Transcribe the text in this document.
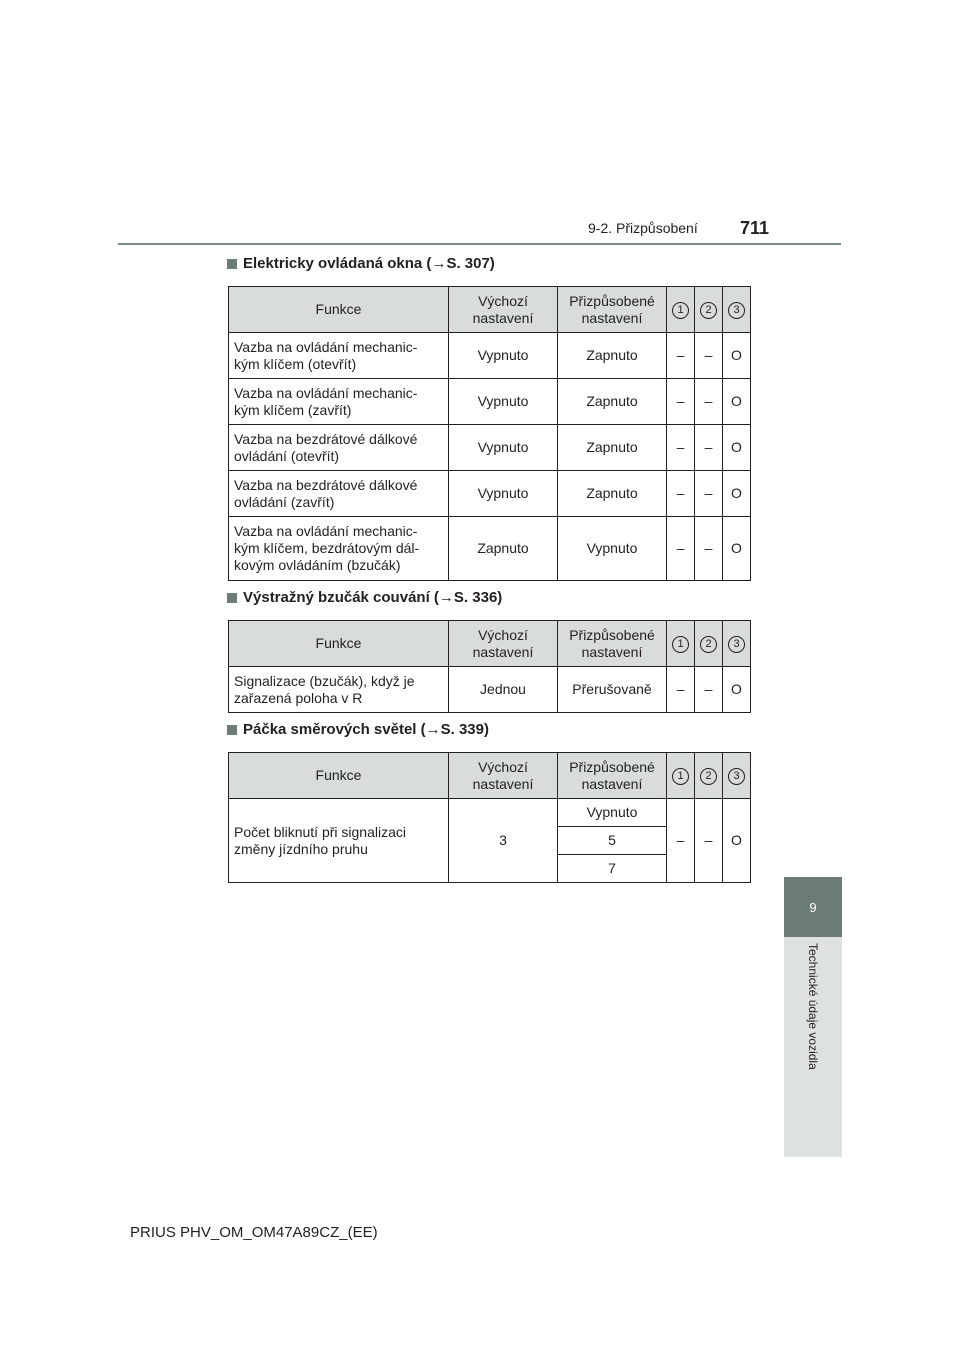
9-2. Přizpůsobení 711
9
Technické údaje vozidla
Elektricky ovládaná okna ( → S. 307)
Funkce	Výchozí nastavení	Přizpůsobené nastavení	1	2	3
Vazba na ovládání mechanic-kým klíčem (otevřít)	Vypnuto	Zapnuto	–	–	O
Vazba na ovládání mechanic-kým klíčem (zavřít)	Vypnuto	Zapnuto	–	–	O
Vazba na bezdrátové dálkové ovládání (otevřít)	Vypnuto	Zapnuto	–	–	O
Vazba na bezdrátové dálkové ovládání (zavřít)	Vypnuto	Zapnuto	–	–	O
Vazba na ovládání mechanic-kým klíčem, bezdrátovým dál-kovým ovládáním (bzučák)	Zapnuto	Vypnuto	–	–	O
Výstražný bzučák couvání ( → S. 336)
Funkce	Výchozí nastavení	Přizpůsobené nastavení	1	2	3
Signalizace (bzučák), když je zařazená poloha v R	Jednou	Přerušovaně	–	–	O
Páčka směrových světel ( → S. 339)
Funkce	Výchozí nastavení	Přizpůsobené nastavení	1	2	3
Počet bliknutí při signalizaci změny jízdního pruhu	3	Vypnuto	–	–	O
		5			
		7			
PRIUS PHV_OM_OM47A89CZ_(EE)
